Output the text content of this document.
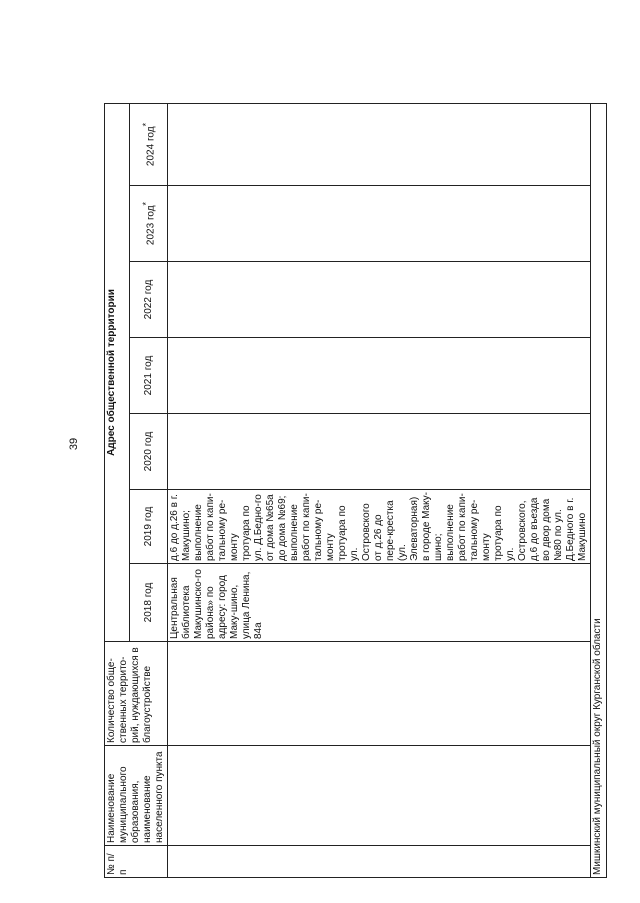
39
№ п/п	Наименование муниципального образования, наименование населенного пункта	Количество обще-ственных террито-рий, нуждающихся в благоустройстве	Адрес общественной территории						
			2018 год	2019 год	2020 год	2021 год	2022 год	2023 год*	2024 год*
			Центральная библиотека Макушинско-го района» по адресу: город Маку-шино, улица Ленина, 84а	д.6 до д.26 в г. Макушино; выполнение работ по капи-тальному ре-монту тротуара по ул. Д.Бедно-го от дома №65а до дома №69; выполнение работ по капи-тальному ре-монту тротуара по ул. Островского от д.26 до пере-крестка (ул. Элеваторная) в городе Маку-шино; выполнение работ по капи-тальному ре-монту тротуара по ул. Островского, д.6 до въезда во двор дома №80 по ул. Д.Бедного в г. Макушино					
Мишкинский муниципальный округ Курганской области									
